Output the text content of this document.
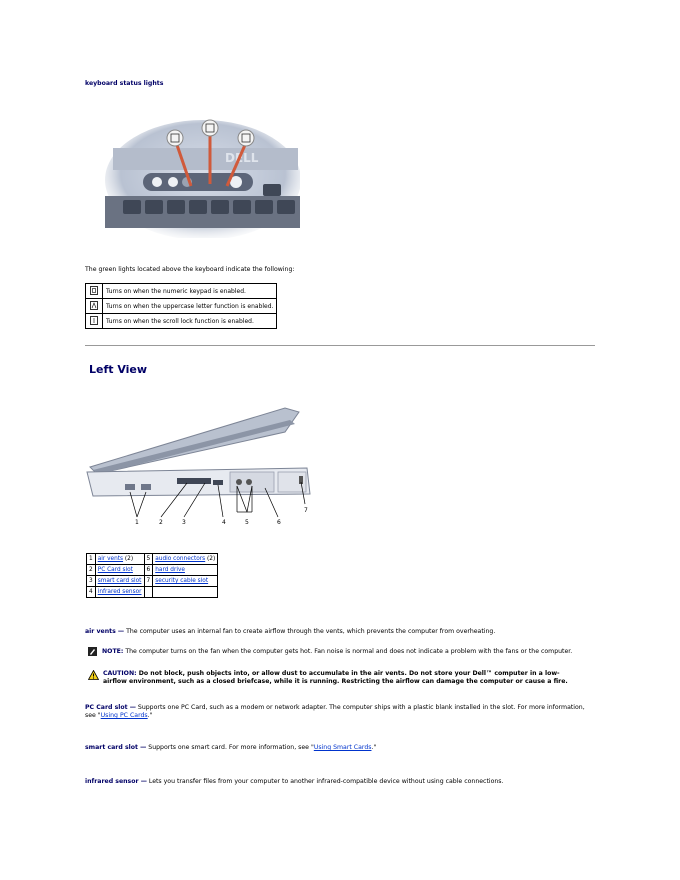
keyboard status lights
DELL
The green lights located above the keyboard indicate the following:
	Turns on when the numeric keypad is enabled.
	Turns on when the uppercase letter function is enabled.
	Turns on when the scroll lock function is enabled.
Left View
1	2	3	4	5	6
7
1	air vents (2)	5	audio connectors (2)
2	PC Card slot	6	hard drive
3	smart card slot	7	security cable slot
4	infrared sensor		
air vents — The computer uses an internal fan to create airflow through the vents, which prevents the computer from overheating.
NOTE: The computer turns on the fan when the computer gets hot. Fan noise is normal and does not indicate a problem with the fans or the computer.
CAUTION: Do not block, push objects into, or allow dust to accumulate in the air vents. Do not store your Dell™ computer in a low-airflow environment, such as a closed briefcase, while it is running. Restricting the airflow can damage the computer or cause a fire.
PC Card slot — Supports one PC Card, such as a modem or network adapter. The computer ships with a plastic blank installed in the slot. For more information, see "Using PC Cards."
smart card slot — Supports one smart card. For more information, see "Using Smart Cards."
infrared sensor — Lets you transfer files from your computer to another infrared-compatible device without using cable connections.
